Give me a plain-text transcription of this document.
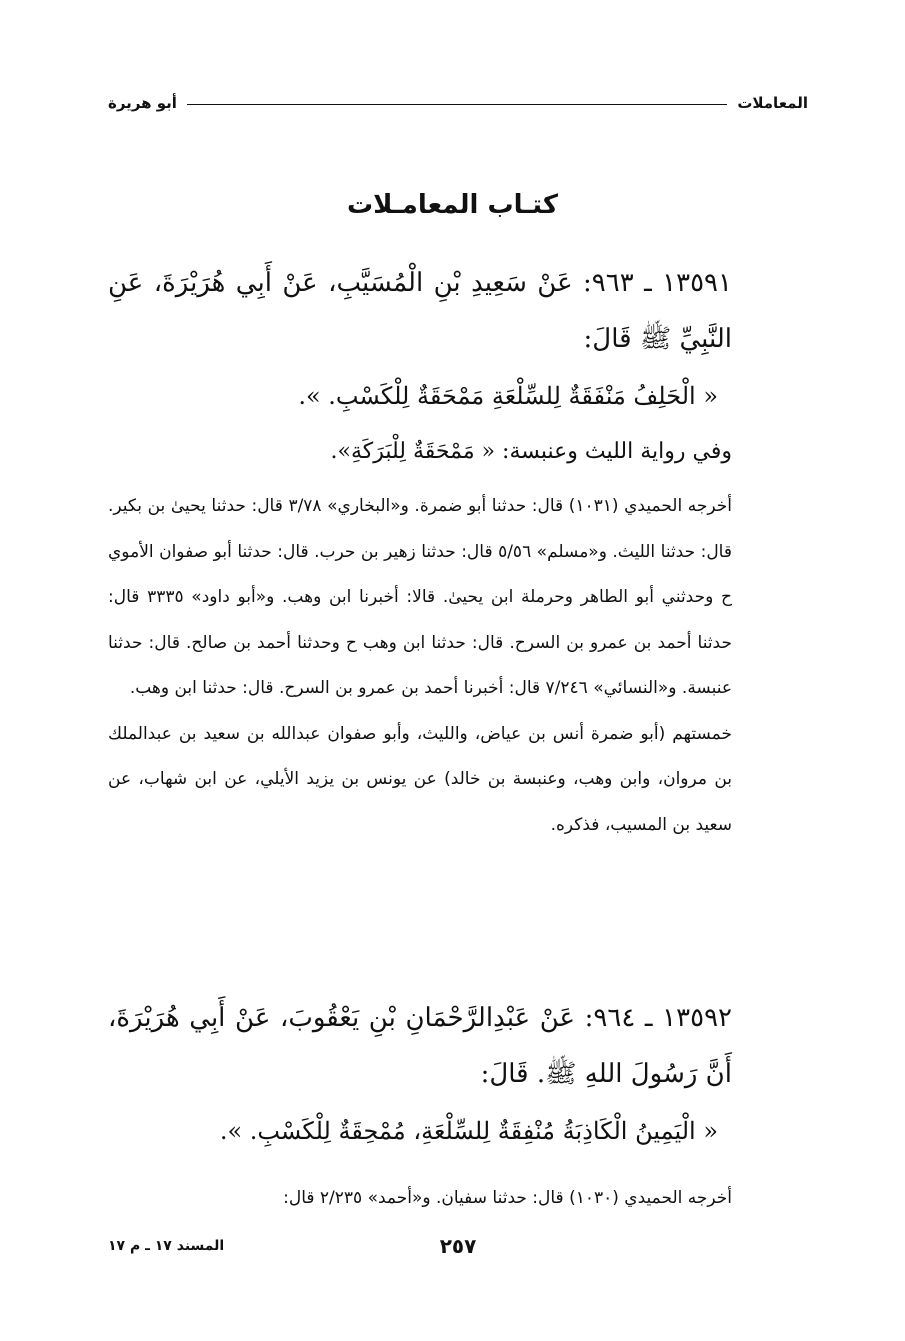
المعاملات
أبو هريرة
كتـاب المعامـلات

١٣٥٩١ ـ ٩٦٣: عَنْ سَعِيدِ بْنِ الْمُسَيَّبِ، عَنْ أَبِي هُرَيْرَةَ، عَنِ النَّبِيِّ ﷺ قَالَ:

« الْحَلِفُ مَنْفَقَةٌ لِلسِّلْعَةِ مَمْحَقَةٌ لِلْكَسْبِ. ».

وفي رواية الليث وعنبسة: « مَمْحَقَةٌ لِلْبَرَكَةِ».

أخرجه الحميدي (١٠٣١) قال: حدثنا أبو ضمرة. و«البخاري» ٣/٧٨ قال: حدثنا يحيىٰ بن بكير. قال: حدثنا الليث. و«مسلم» ٥/٥٦ قال: حدثنا زهير بن حرب. قال: حدثنا أبو صفوان الأموي ح وحدثني أبو الطاهر وحرملة ابن يحيىٰ. قالا: أخبرنا ابن وهب. و«أبو داود» ٣٣٣٥ قال: حدثنا أحمد بن عمرو بن السرح. قال: حدثنا ابن وهب ح وحدثنا أحمد بن صالح. قال: حدثنا عنبسة. و«النسائي» ٧/٢٤٦ قال: أخبرنا أحمد بن عمرو بن السرح. قال: حدثنا ابن وهب.

خمستهم (أبو ضمرة أنس بن عياض، والليث، وأبو صفوان عبدالله بن سعيد بن عبدالملك بن مروان، وابن وهب، وعنبسة بن خالد) عن يونس بن يزيد الأيلي، عن ابن شهاب، عن سعيد بن المسيب، فذكره.

١٣٥٩٢ ـ ٩٦٤: عَنْ عَبْدِالرَّحْمَانِ بْنِ يَعْقُوبَ، عَنْ أَبِي هُرَيْرَةَ، أَنَّ رَسُولَ اللهِ ﷺ. قَالَ:

« الْيَمِينُ الْكَاذِبَةُ مُنْفِقَةٌ لِلسِّلْعَةِ، مُمْحِقَةٌ لِلْكَسْبِ. ».

أخرجه الحميدي (١٠٣٠) قال: حدثنا سفيان. و«أحمد» ٢/٢٣٥ قال:

٢٥٧
المسند ١٧ ـ م ١٧
